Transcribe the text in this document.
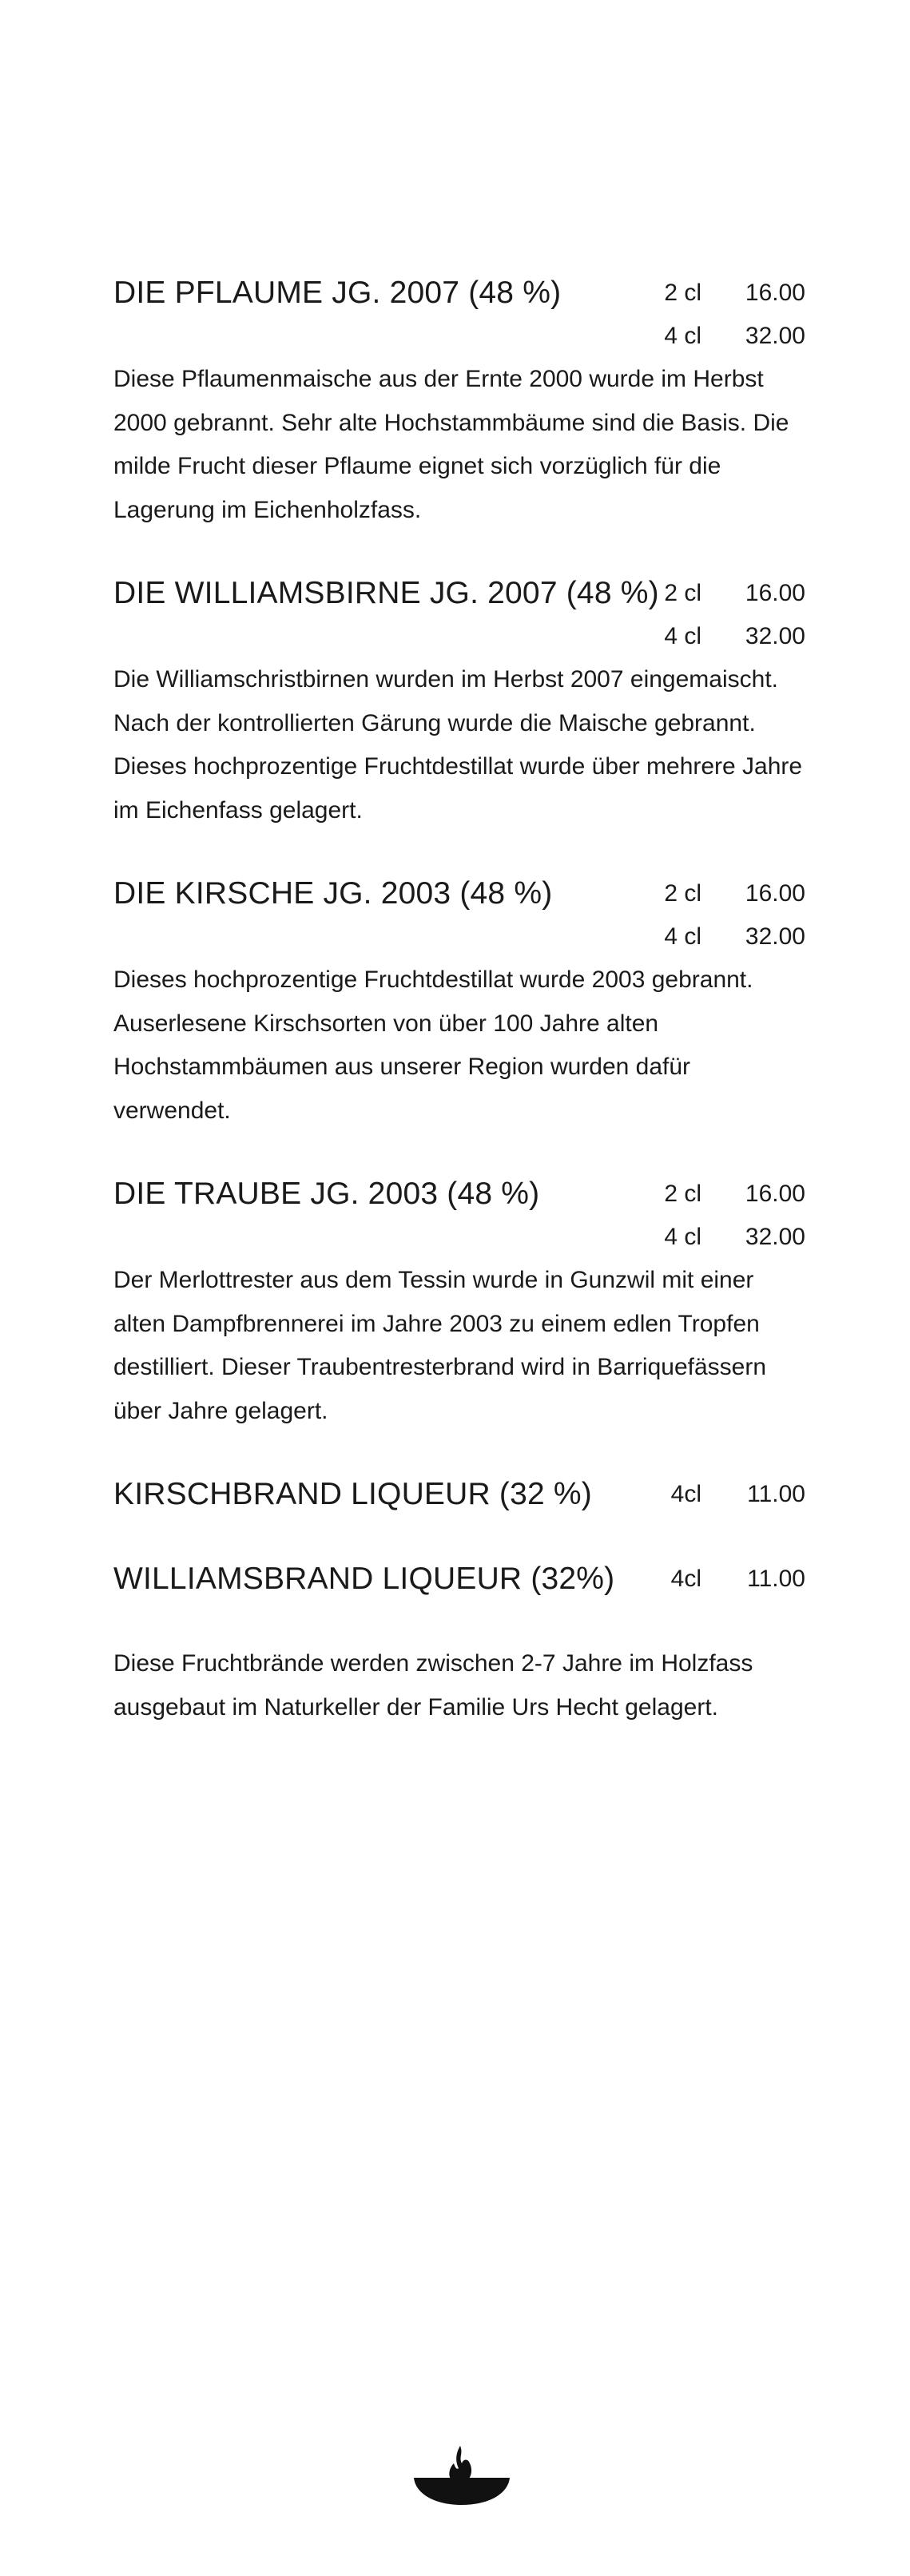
DIE PFLAUME JG. 2007 (48 %)	2 cl 16.00
4 cl 32.00

Diese Pflaumenmaische aus der Ernte 2000 wurde im Herbst 2000 gebrannt. Sehr alte Hochstammbäume sind die Basis. Die milde Frucht dieser Pflaume eignet sich vorzüglich für die Lagerung im Eichenholzfass.

DIE WILLIAMSBIRNE JG. 2007 (48 %) 2 cl 16.00
4 cl 32.00

Die Williamschristbirnen wurden im Herbst 2007 eingemaischt. Nach der kontrollierten Gärung wurde die Maische gebrannt. Dieses hochprozentige Fruchtdestillat wurde über mehrere Jahre im Eichenfass gelagert.

DIE KIRSCHE JG. 2003 (48 %)	2 cl 16.00
4 cl 32.00

Dieses hochprozentige Fruchtdestillat wurde 2003 gebrannt. Auserlesene Kirschsorten von über 100 Jahre alten Hochstammbäumen aus unserer Region wurden dafür verwendet.

DIE TRAUBE JG. 2003 (48 %)	2 cl 16.00
4 cl 32.00

Der Merlottrester aus dem Tessin wurde in Gunzwil mit einer alten Dampfbrennerei im Jahre 2003 zu einem edlen Tropfen destilliert. Dieser Traubentresterbrand wird in Barriquefässern über Jahre gelagert.

KIRSCHBRAND LIQUEUR (32 %)	4cl 11.00
WILLIAMSBRAND LIQUEUR (32%) 4cl 11.00

Diese Fruchtbrände werden zwischen 2-7 Jahre im Holzfass ausgebaut im Naturkeller der Familie Urs Hecht gelagert.
